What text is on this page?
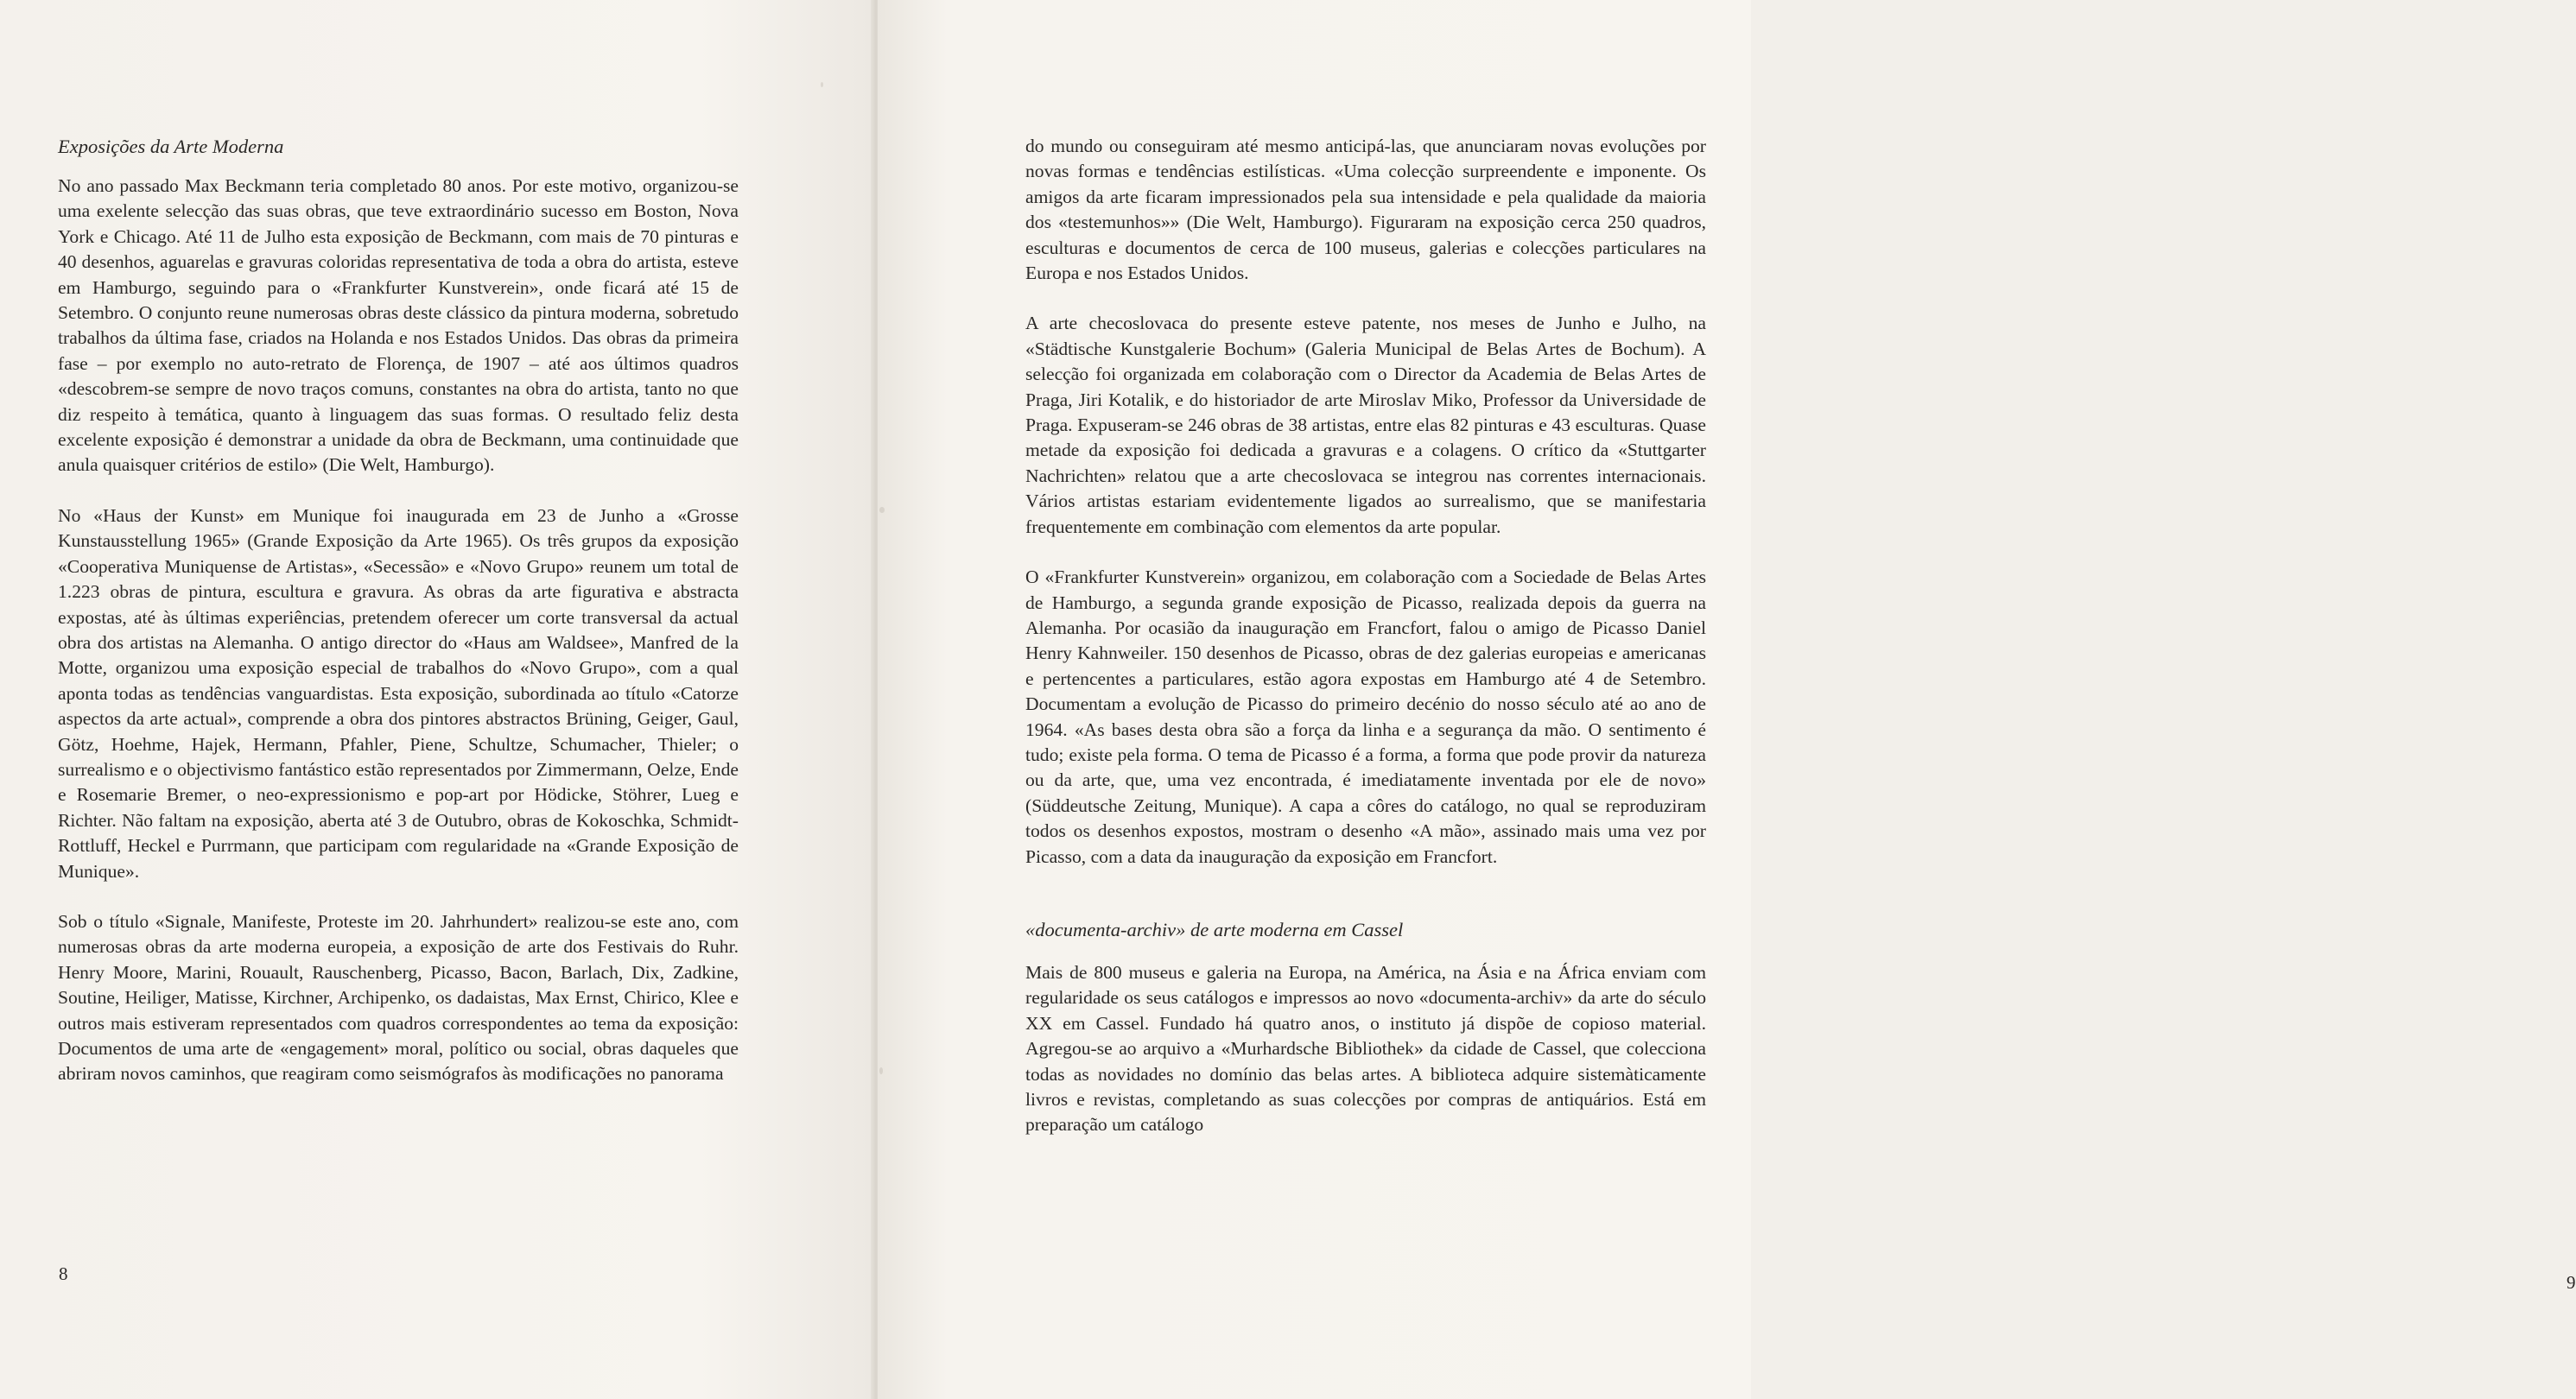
Exposições da Arte Moderna

No ano passado Max Beckmann teria completado 80 anos. Por este motivo, organizou-se uma exelente selecção das suas obras, que teve extraordinário sucesso em Boston, Nova York e Chicago. Até 11 de Julho esta exposição de Beckmann, com mais de 70 pinturas e 40 desenhos, aguarelas e gravuras coloridas representativa de toda a obra do artista, esteve em Hamburgo, seguindo para o «Frankfurter Kunstverein», onde ficará até 15 de Setembro. O conjunto reune numerosas obras deste clássico da pintura moderna, sobretudo trabalhos da última fase, criados na Holanda e nos Estados Unidos. Das obras da primeira fase – por exemplo no auto-retrato de Florença, de 1907 – até aos últimos quadros «descobrem-se sempre de novo traços comuns, constantes na obra do artista, tanto no que diz respeito à temática, quanto à linguagem das suas formas. O resultado feliz desta excelente exposição é demonstrar a unidade da obra de Beckmann, uma continuidade que anula quaisquer critérios de estilo» (Die Welt, Hamburgo).

No «Haus der Kunst» em Munique foi inaugurada em 23 de Junho a «Grosse Kunstausstellung 1965» (Grande Exposição da Arte 1965). Os três grupos da exposição «Cooperativa Muniquense de Artistas», «Secessão» e «Novo Grupo» reunem um total de 1.223 obras de pintura, escultura e gravura. As obras da arte figurativa e abstracta expostas, até às últimas experiências, pretendem oferecer um corte transversal da actual obra dos artistas na Alemanha. O antigo director do «Haus am Waldsee», Manfred de la Motte, organizou uma exposição especial de trabalhos do «Novo Grupo», com a qual aponta todas as tendências vanguardistas. Esta exposição, subordinada ao título «Catorze aspectos da arte actual», comprende a obra dos pintores abstractos Brüning, Geiger, Gaul, Götz, Hoehme, Hajek, Hermann, Pfahler, Piene, Schultze, Schumacher, Thieler; o surrealismo e o objectivismo fantástico estão representados por Zimmermann, Oelze, Ende e Rosemarie Bremer, o neo-expressionismo e pop-art por Hödicke, Stöhrer, Lueg e Richter. Não faltam na exposição, aberta até 3 de Outubro, obras de Kokoschka, Schmidt-Rottluff, Heckel e Purrmann, que participam com regularidade na «Grande Exposição de Munique».

Sob o título «Signale, Manifeste, Proteste im 20. Jahrhundert» realizou-se este ano, com numerosas obras da arte moderna europeia, a exposição de arte dos Festivais do Ruhr. Henry Moore, Marini, Rouault, Rauschenberg, Picasso, Bacon, Barlach, Dix, Zadkine, Soutine, Heiliger, Matisse, Kirchner, Archipenko, os dadaistas, Max Ernst, Chirico, Klee e outros mais estiveram representados com quadros correspondentes ao tema da exposição: Documentos de uma arte de «engagement» moral, político ou social, obras daqueles que abriram novos caminhos, que reagiram como seismógrafos às modificações no panorama

8	9

do mundo ou conseguiram até mesmo anticipá-las, que anunciaram novas evoluções por novas formas e tendências estilísticas. «Uma colecção surpreendente e imponente. Os amigos da arte ficaram impressionados pela sua intensidade e pela qualidade da maioria dos «testemunhos»» (Die Welt, Hamburgo). Figuraram na exposição cerca 250 quadros, esculturas e documentos de cerca de 100 museus, galerias e colecções particulares na Europa e nos Estados Unidos.

A arte checoslovaca do presente esteve patente, nos meses de Junho e Julho, na «Städtische Kunstgalerie Bochum» (Galeria Municipal de Belas Artes de Bochum). A selecção foi organizada em colaboração com o Director da Academia de Belas Artes de Praga, Jiri Kotalik, e do historiador de arte Miroslav Miko, Professor da Universidade de Praga. Expuseram-se 246 obras de 38 artistas, entre elas 82 pinturas e 43 esculturas. Quase metade da exposição foi dedicada a gravuras e a colagens. O crítico da «Stuttgarter Nachrichten» relatou que a arte checoslovaca se integrou nas correntes internacionais. Vários artistas estariam evidentemente ligados ao surrealismo, que se manifestaria frequentemente em combinação com elementos da arte popular.

O «Frankfurter Kunstverein» organizou, em colaboração com a Sociedade de Belas Artes de Hamburgo, a segunda grande exposição de Picasso, realizada depois da guerra na Alemanha. Por ocasião da inauguração em Francfort, falou o amigo de Picasso Daniel Henry Kahnweiler. 150 desenhos de Picasso, obras de dez galerias europeias e americanas e pertencentes a particulares, estão agora expostas em Hamburgo até 4 de Setembro. Documentam a evolução de Picasso do primeiro decénio do nosso século até ao ano de 1964. «As bases desta obra são a força da linha e a segurança da mão. O sentimento é tudo; existe pela forma. O tema de Picasso é a forma, a forma que pode provir da natureza ou da arte, que, uma vez encontrada, é imediatamente inventada por ele de novo» (Süddeutsche Zeitung, Munique). A capa a côres do catálogo, no qual se reproduziram todos os desenhos expostos, mostram o desenho «A mão», assinado mais uma vez por Picasso, com a data da inauguração da exposição em Francfort.

«documenta-archiv» de arte moderna em Cassel

Mais de 800 museus e galeria na Europa, na América, na Ásia e na África enviam com regularidade os seus catálogos e impressos ao novo «documenta-archiv» da arte do século XX em Cassel. Fundado há quatro anos, o instituto já dispõe de copioso material. Agregou-se ao arquivo a «Murhardsche Bibliothek» da cidade de Cassel, que colecciona todas as novidades no domínio das belas artes. A biblioteca adquire sistemàticamente livros e revistas, completando as suas colecções por compras de antiquários. Está em preparação um catálogo
